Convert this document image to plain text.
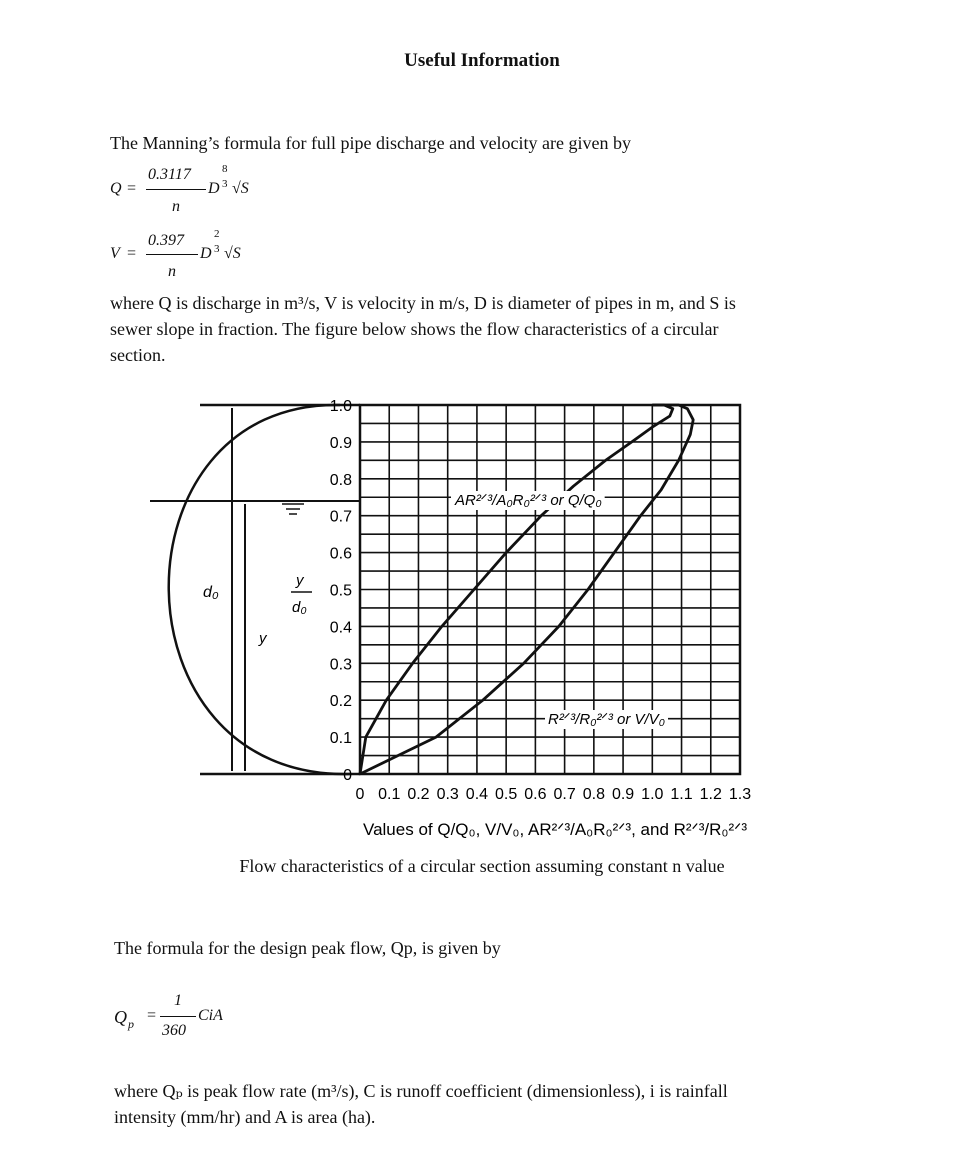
Useful Information
The Manning’s formula for full pipe discharge and velocity are given by
Q =
0.3117
n
D
8
3 √S
V =
0.397
n
D
2
3 √S
where Q is discharge in m³/s, V is velocity in m/s, D is diameter of pipes in m, and S is
sewer slope in fraction. The figure below shows the flow characteristics of a circular
section.
d₀
y
y
d₀
1.0
0.9
0.8
0.7
0.6
0.5
0.4
0.3
0.2
0.1
0
0 0.1 0.2 0.3 0.4 0.5 0.6 0.7 0.8 0.9 1.0 1.1 1.2 1.3
AR²ᐟ³/A₀R₀²ᐟ³ or Q/Q₀
R²ᐟ³/R₀²ᐟ³ or V/V₀
Values of Q/Q₀, V/V₀, AR²ᐟ³/A₀R₀²ᐟ³, and R²ᐟ³/R₀²ᐟ³
Flow characteristics of a circular section assuming constant n value
The formula for the design peak flow, Qp, is given by
Q p =
1
360
CiA
where Qₚ is peak flow rate (m³/s), C is runoff coefficient (dimensionless), i is rainfall
intensity (mm/hr) and A is area (ha).
